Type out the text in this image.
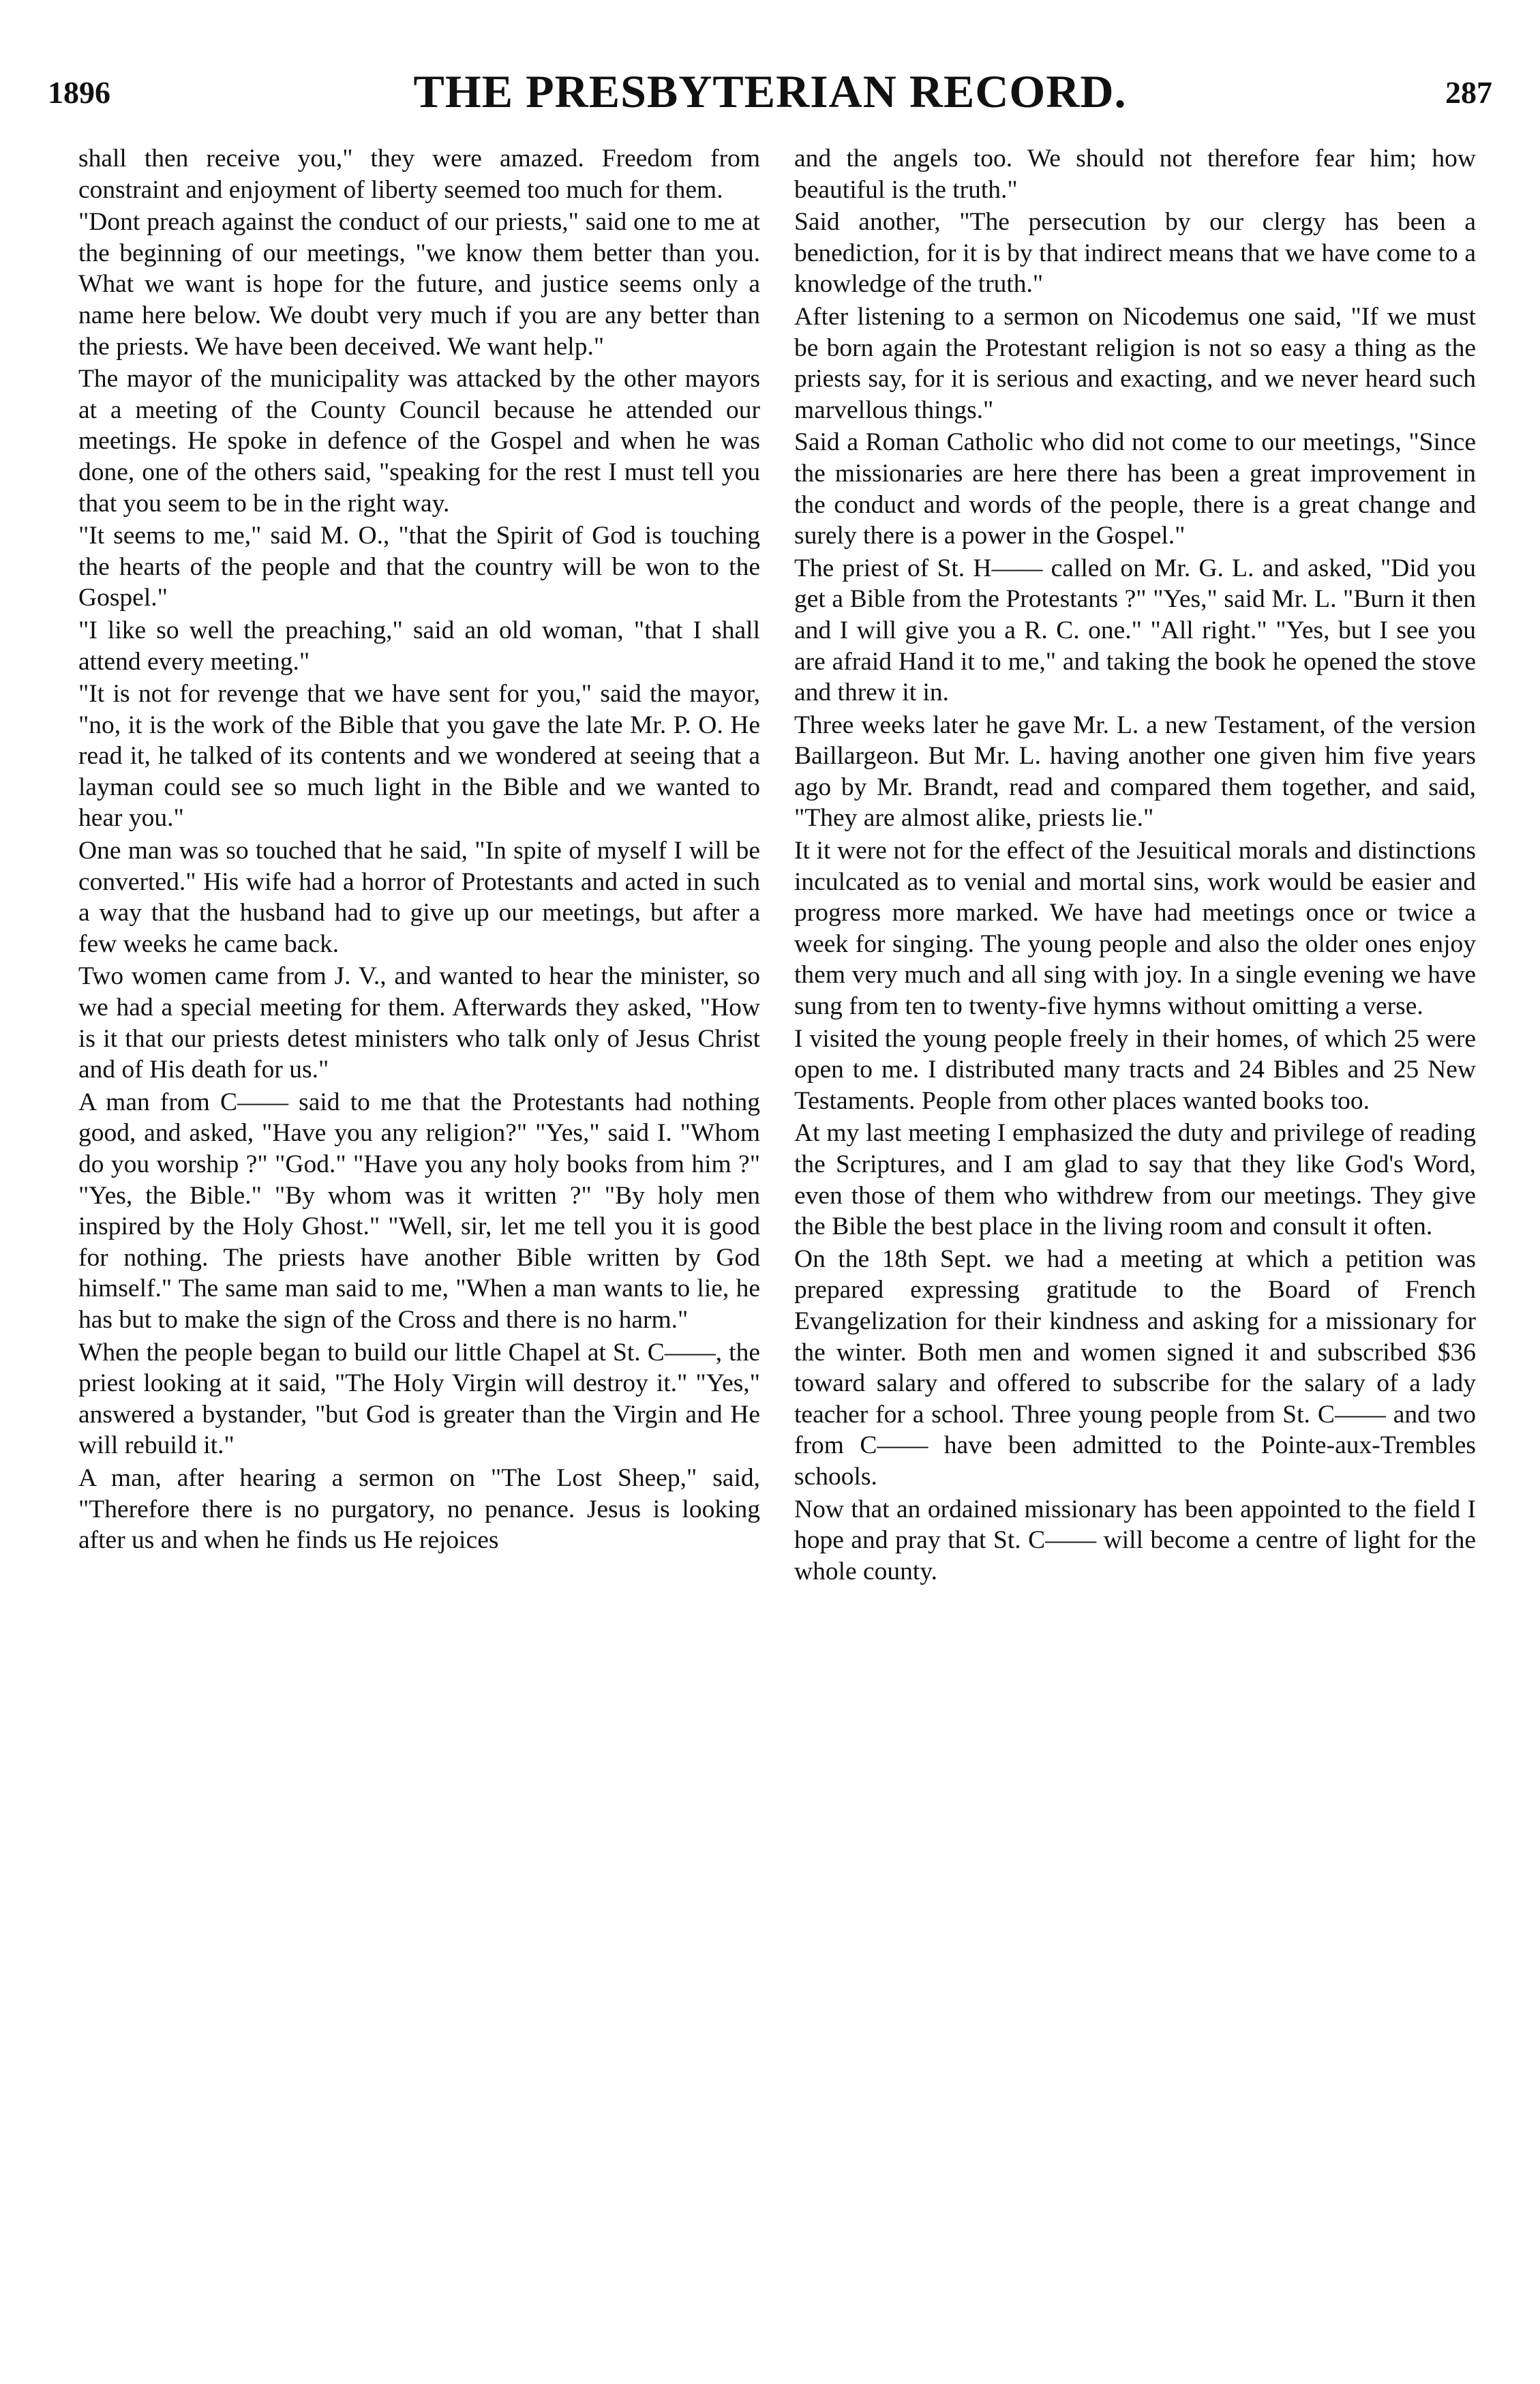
1896	THE PRESBYTERIAN RECORD.	287

shall then receive you," they were amazed. Freedom from constraint and enjoyment of liberty seemed too much for them.

"Dont preach against the conduct of our priests," said one to me at the beginning of our meetings, "we know them better than you. What we want is hope for the future, and justice seems only a name here below. We doubt very much if you are any better than the priests. We have been deceived. We want help."

The mayor of the municipality was attacked by the other mayors at a meeting of the County Council because he attended our meetings. He spoke in defence of the Gospel and when he was done, one of the others said, "speaking for the rest I must tell you that you seem to be in the right way.

"It seems to me," said M. O., "that the Spirit of God is touching the hearts of the people and that the country will be won to the Gospel."

"I like so well the preaching," said an old woman, "that I shall attend every meeting."

"It is not for revenge that we have sent for you," said the mayor, "no, it is the work of the Bible that you gave the late Mr. P. O. He read it, he talked of its contents and we wondered at seeing that a layman could see so much light in the Bible and we wanted to hear you."

One man was so touched that he said, "In spite of myself I will be converted." His wife had a horror of Protestants and acted in such a way that the husband had to give up our meetings, but after a few weeks he came back.

Two women came from J. V., and wanted to hear the minister, so we had a special meeting for them. Afterwards they asked, "How is it that our priests detest ministers who talk only of Jesus Christ and of His death for us."

A man from C—— said to me that the Protestants had nothing good, and asked, "Have you any religion?" "Yes," said I. "Whom do you worship ?" "God." "Have you any holy books from him ?" "Yes, the Bible." "By whom was it written ?" "By holy men inspired by the Holy Ghost." "Well, sir, let me tell you it is good for nothing. The priests have another Bible written by God himself." The same man said to me, "When a man wants to lie, he has but to make the sign of the Cross and there is no harm."

When the people began to build our little Chapel at St. C——, the priest looking at it said, "The Holy Virgin will destroy it." "Yes," answered a bystander, "but God is greater than the Virgin and He will rebuild it."

A man, after hearing a sermon on "The Lost Sheep," said, "Therefore there is no purgatory, no penance. Jesus is looking after us and when he finds us He rejoices

and the angels too. We should not therefore fear him; how beautiful is the truth."

Said another, "The persecution by our clergy has been a benediction, for it is by that indirect means that we have come to a knowledge of the truth."

After listening to a sermon on Nicodemus one said, "If we must be born again the Protestant religion is not so easy a thing as the priests say, for it is serious and exacting, and we never heard such marvellous things."

Said a Roman Catholic who did not come to our meetings, "Since the missionaries are here there has been a great improvement in the conduct and words of the people, there is a great change and surely there is a power in the Gospel."

The priest of St. H—— called on Mr. G. L. and asked, "Did you get a Bible from the Protestants ?" "Yes," said Mr. L. "Burn it then and I will give you a R. C. one." "All right." "Yes, but I see you are afraid Hand it to me," and taking the book he opened the stove and threw it in.

Three weeks later he gave Mr. L. a new Testament, of the version Baillargeon. But Mr. L. having another one given him five years ago by Mr. Brandt, read and compared them together, and said, "They are almost alike, priests lie."

It it were not for the effect of the Jesuitical morals and distinctions inculcated as to venial and mortal sins, work would be easier and progress more marked. We have had meetings once or twice a week for singing. The young people and also the older ones enjoy them very much and all sing with joy. In a single evening we have sung from ten to twenty-five hymns without omitting a verse.

I visited the young people freely in their homes, of which 25 were open to me. I distributed many tracts and 24 Bibles and 25 New Testaments. People from other places wanted books too.

At my last meeting I emphasized the duty and privilege of reading the Scriptures, and I am glad to say that they like God's Word, even those of them who withdrew from our meetings. They give the Bible the best place in the living room and consult it often.

On the 18th Sept. we had a meeting at which a petition was prepared expressing gratitude to the Board of French Evangelization for their kindness and asking for a missionary for the winter. Both men and women signed it and subscribed $36 toward salary and offered to subscribe for the salary of a lady teacher for a school. Three young people from St. C—— and two from C—— have been admitted to the Pointe-aux-Trembles schools.

Now that an ordained missionary has been appointed to the field I hope and pray that St. C—— will become a centre of light for the whole county.
